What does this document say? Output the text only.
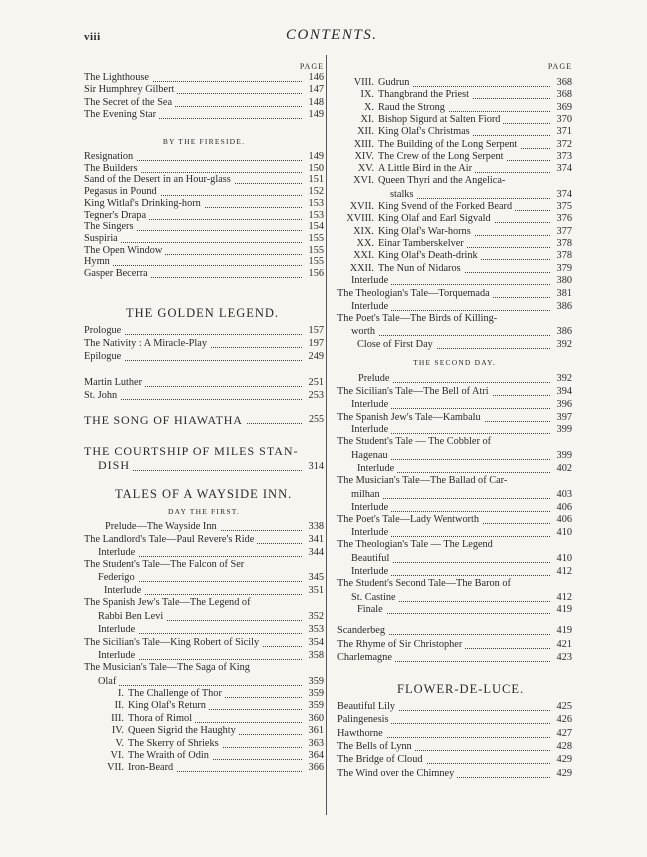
viii	CONTENTS.
PAGE
The Lighthouse	146
Sir Humphrey Gilbert	147
The Secret of the Sea	148
The Evening Star	149
BY THE FIRESIDE.
Resignation	149
The Builders	150
Sand of the Desert in an Hour-glass	151
Pegasus in Pound	152
King Witlaf's Drinking-horn	153
Tegner's Drapa	153
The Singers	154
Suspiria	155
The Open Window	155
Hymn	155
Gasper Becerra	156
THE GOLDEN LEGEND.
Prologue	157
The Nativity : A Miracle-Play	197
Epilogue	249
Martin Luther	251
St. John	253
THE SONG OF HIAWATHA	255
THE COURTSHIP OF MILES STAN-
DISH	314
TALES OF A WAYSIDE INN.
DAY THE FIRST.
Prelude—The Wayside Inn	338
The Landlord's Tale—Paul Revere's Ride	341
Interlude	344
The Student's Tale—The Falcon of Ser
Federigo	345
Interlude	351
The Spanish Jew's Tale—The Legend of
Rabbi Ben Levi	352
Interlude	353
The Sicilian's Tale—King Robert of Sicily	354
Interlude	358
The Musician's Tale—The Saga of King
Olaf	359
I. The Challenge of Thor	359
II. King Olaf's Return	359
III. Thora of Rimol	360
IV. Queen Sigrid the Haughty	361
V. The Skerry of Shrieks	363
VI. The Wraith of Odin	364
VII. Iron-Beard	366
PAGE
VIII. Gudrun	368
IX. Thangbrand the Priest	368
X. Raud the Strong	369
XI. Bishop Sigurd at Salten Fiord	370
XII. King Olaf's Christmas	371
XIII. The Building of the Long Serpent	372
XIV. The Crew of the Long Serpent	373
XV. A Little Bird in the Air	374
XVI. Queen Thyri and the Angelica-
stalks	374
XVII. King Svend of the Forked Beard	375
XVIII. King Olaf and Earl Sigvald	376
XIX. King Olaf's War-horns	377
XX. Einar Tamberskelver	378
XXI. King Olaf's Death-drink	378
XXII. The Nun of Nidaros	379
Interlude	380
The Theologian's Tale—Torquemada	381
Interlude	386
The Poet's Tale—The Birds of Killing-
worth	386
Close of First Day	392
THE SECOND DAY.
Prelude	392
The Sicilian's Tale—The Bell of Atri	394
Interlude	396
The Spanish Jew's Tale—Kambalu	397
Interlude	399
The Student's Tale — The Cobbler of
Hagenau	399
Interlude	402
The Musician's Tale—The Ballad of Car-
milhan	403
Interlude	406
The Poet's Tale—Lady Wentworth	406
Interlude	410
The Theologian's Tale — The Legend
Beautiful	410
Interlude	412
The Student's Second Tale—The Baron of
St. Castine	412
Finale	419
Scanderbeg	419
The Rhyme of Sir Christopher	421
Charlemagne	423
FLOWER-DE-LUCE.
Beautiful Lily	425
Palingenesis	426
Hawthorne	427
The Bells of Lynn	428
The Bridge of Cloud	429
The Wind over the Chimney	429
